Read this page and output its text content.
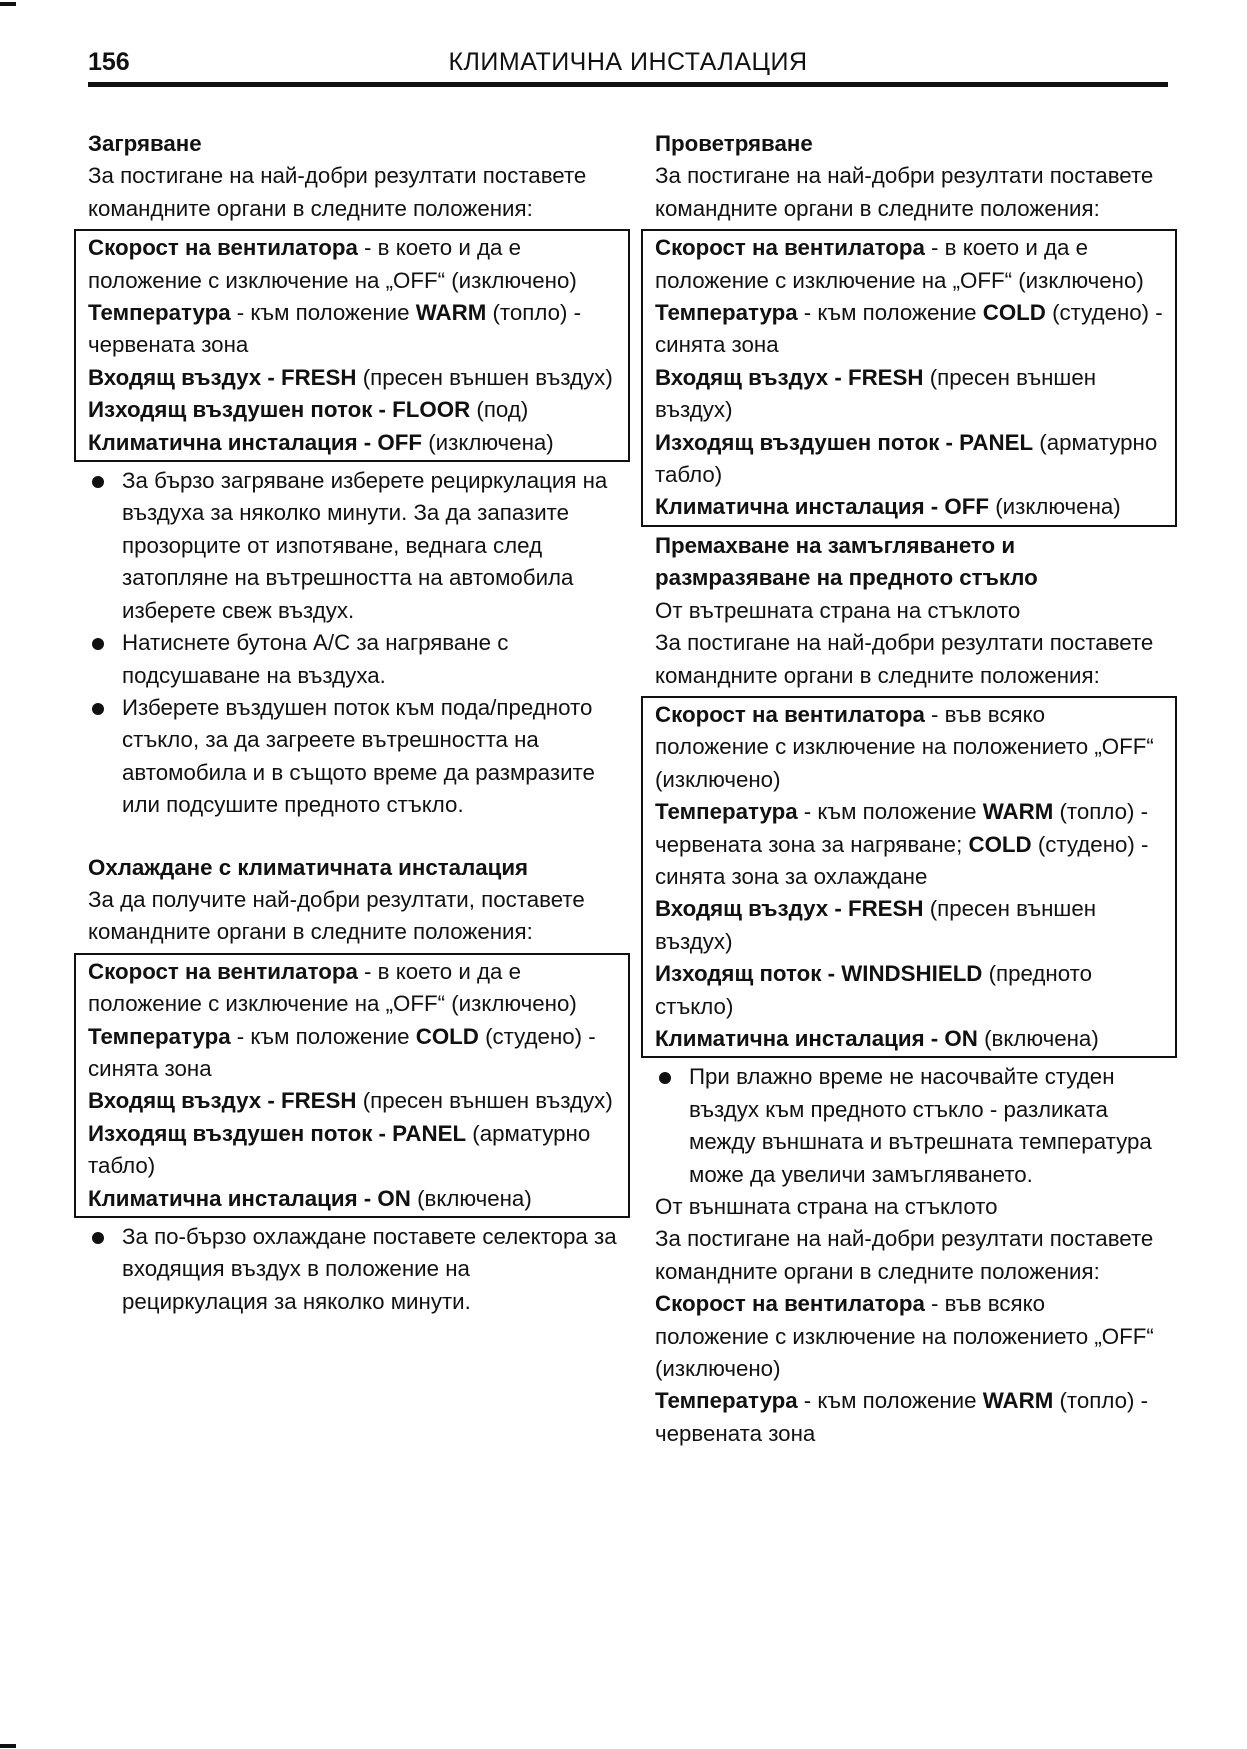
156	КЛИМАТИЧНА ИНСТАЛАЦИЯ
Загряване

За постигане на най-добри резултати поставете командните органи в следните положения:

Скорост на вентилатора - в което и да е положение с изключение на „OFF“ (изключено)

Температура - към положение WARM (топло) - червената зона

Входящ въздух - FRESH (пресен външен въздух)

Изходящ въздушен поток - FLOOR (под)

Климатична инсталация - OFF (изключена)

За бързо загряване изберете рециркулация на въздуха за няколко минути. За да запазите прозорците от изпотяване, веднага след затопляне на вътрешността на автомобила изберете свеж въздух.
Натиснете бутона А/С за нагряване с подсушаване на въздуха.
Изберете въздушен поток към пода/предното стъкло, за да загреете вътрешността на автомобила и в същото време да размразите или подсушите предното стъкло.
Охлаждане с климатичната инсталация

За да получите най-добри резултати, поставете командните органи в следните положения:

Скорост на вентилатора - в което и да е положение с изключение на „OFF“ (изключено)

Температура - към положение COLD (студено) - синята зона

Входящ въздух - FRESH (пресен външен въздух)

Изходящ въздушен поток - PANEL (арматурно табло)

Климатична инсталация - ON (включена)

За по-бързо охлаждане поставете селектора за входящия въздух в положение на рециркулация за няколко минути.
Проветряване

За постигане на най-добри резултати поставете командните органи в следните положения:

Скорост на вентилатора - в което и да е положение с изключение на „OFF“ (изключено)

Температура - към положение COLD (студено) - синята зона

Входящ въздух - FRESH (пресен външен въздух)

Изходящ въздушен поток - PANEL (арматурно табло)

Климатична инсталация - OFF (изключена)

Премахване на замъгляването и размразяване на предното стъкло

От вътрешната страна на стъклото

За постигане на най-добри резултати поставете командните органи в следните положения:

Скорост на вентилатора - във всяко положение с изключение на положението „OFF“ (изключено)

Температура - към положение WARM (топло) - червената зона за нагряване; COLD (студено) - синята зона за охлаждане

Входящ въздух - FRESH (пресен външен въздух)

Изходящ поток - WINDSHIELD (предното стъкло)

Климатична инсталация - ON (включена)

При влажно време не насочвайте студен въздух към предното стъкло - разликата между външната и вътрешната температура може да увеличи замъгляването.

От външната страна на стъклото

За постигане на най-добри резултати поставете командните органи в следните положения:

Скорост на вентилатора - във всяко положение с изключение на положението „OFF“ (изключено)

Температура - към положение WARM (топло) - червената зона
